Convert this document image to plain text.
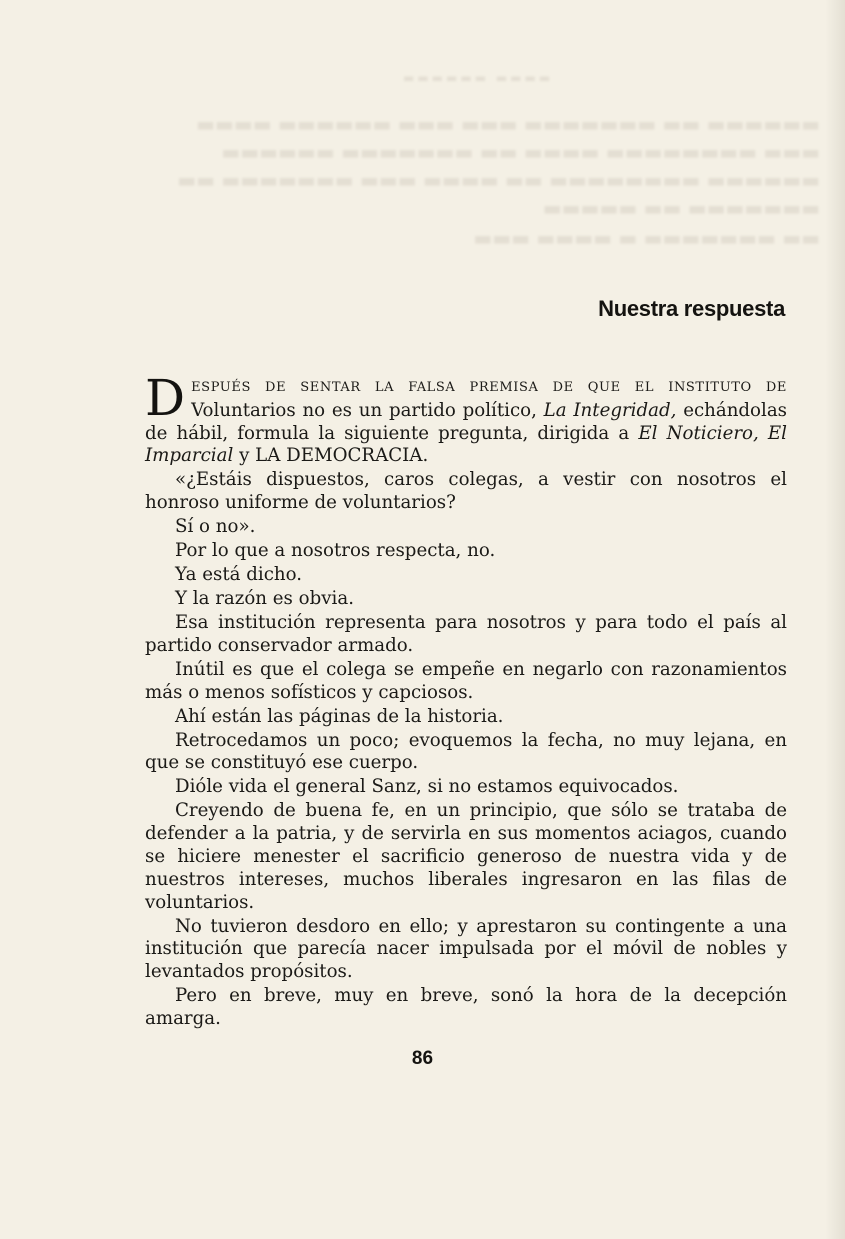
▬▬▬▬ ▬▬▬▬▬▬
▬▬▬▬▬▬ ▬▬ ▬▬▬▬▬▬▬ ▬▬▬ ▬▬▬ ▬▬▬▬▬▬ ▬▬▬▬
▬▬▬ ▬▬▬▬▬▬▬▬ ▬▬▬▬ ▬▬ ▬▬▬▬▬▬▬ ▬▬▬▬▬▬
▬▬▬▬▬▬ ▬▬▬▬▬▬▬▬ ▬▬ ▬▬▬▬ ▬▬▬ ▬▬▬▬▬▬▬ ▬▬
▬▬▬▬▬▬▬ ▬▬ ▬▬▬▬▬
▬▬ ▬▬▬▬▬▬▬ ▬ ▬▬▬▬ ▬▬▬
Nuestra respuesta

D ESPUÉS DE SENTAR LA FALSA PREMISA DE QUE EL INSTITUTO DE Voluntarios no es un partido político, La Integridad, echándolas de hábil, formula la siguiente pregunta, dirigida a El Noticiero, El Imparcial y LA DEMOCRACIA.

«¿Estáis dispuestos, caros colegas, a vestir con nosotros el honroso uniforme de voluntarios?

Sí o no».

Por lo que a nosotros respecta, no.

Ya está dicho.

Y la razón es obvia.

Esa institución representa para nosotros y para todo el país al partido conservador armado.

Inútil es que el colega se empeñe en negarlo con razonamientos más o menos sofísticos y capciosos.

Ahí están las páginas de la historia.

Retrocedamos un poco; evoquemos la fecha, no muy lejana, en que se constituyó ese cuerpo.

Dióle vida el general Sanz, si no estamos equivocados.

Creyendo de buena fe, en un principio, que sólo se trataba de defender a la patria, y de servirla en sus momentos aciagos, cuando se hiciere menester el sacrificio generoso de nuestra vida y de nuestros intereses, muchos liberales ingresaron en las filas de voluntarios.

No tuvieron desdoro en ello; y aprestaron su contingente a una institución que parecía nacer impulsada por el móvil de nobles y levantados propósitos.

Pero en breve, muy en breve, sonó la hora de la decepción amarga.

86
